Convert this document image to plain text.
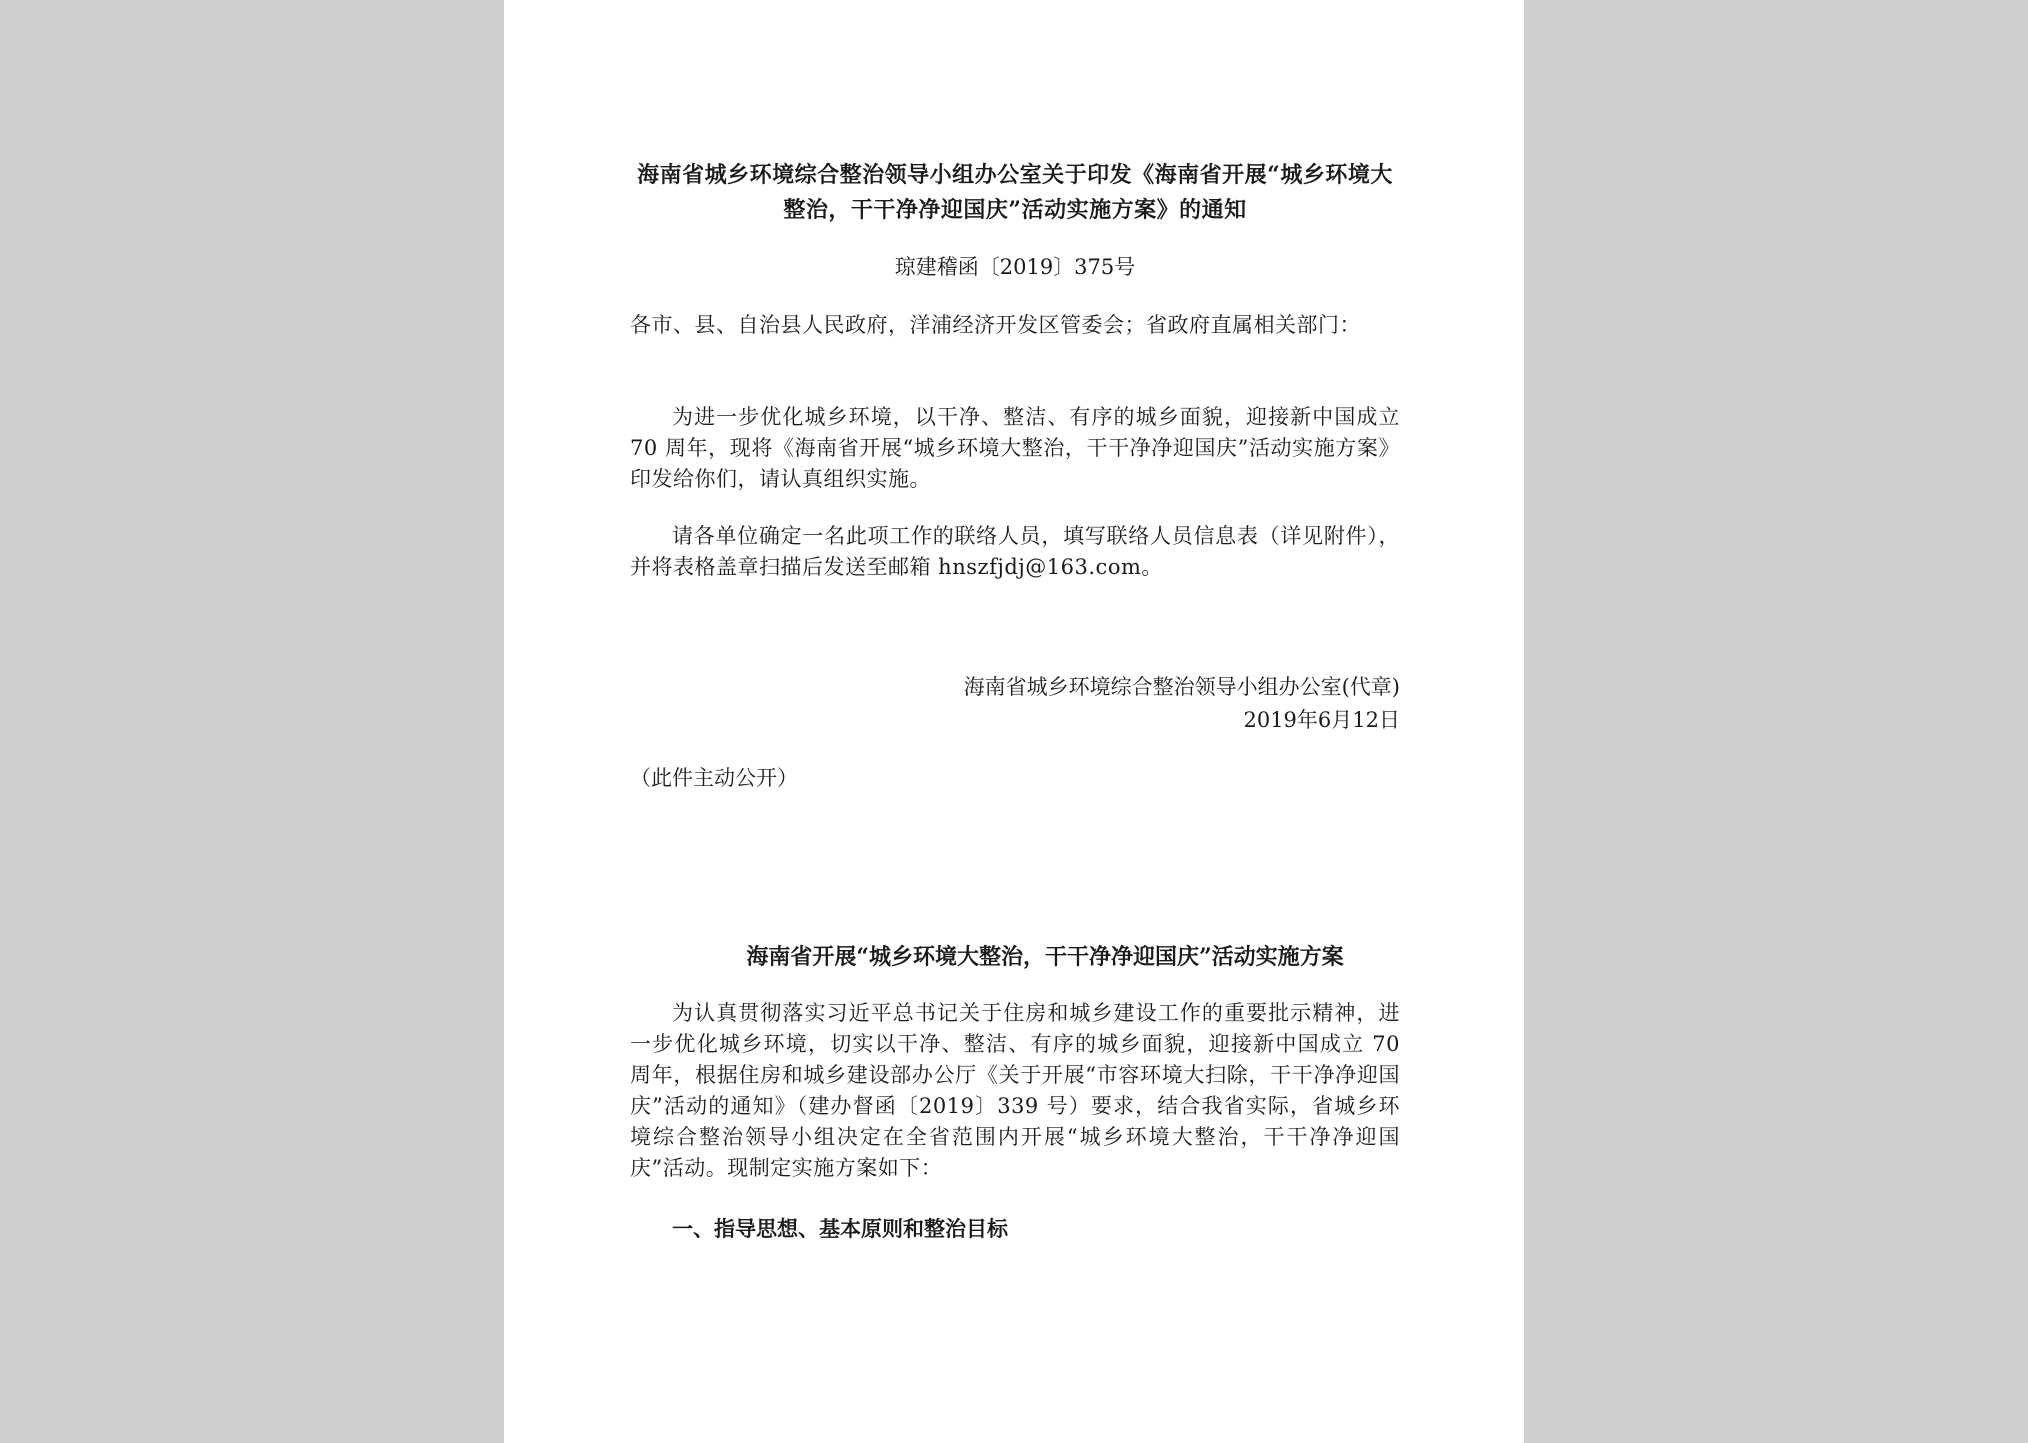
海南省城乡环境综合整治领导小组办公室关于印发《海南省开展“城乡环境大整治，干干净净迎国庆”活动实施方案》的通知
琼建稽函〔2019〕375号
各市、县、自治县人民政府，洋浦经济开发区管委会；省政府直属相关部门：
为进一步优化城乡环境，以干净、整洁、有序的城乡面貌，迎接新中国成立 70 周年，现将《海南省开展“城乡环境大整治，干干净净迎国庆”活动实施方案》印发给你们，请认真组织实施。
请各单位确定一名此项工作的联络人员，填写联络人员信息表（详见附件），并将表格盖章扫描后发送至邮箱 hnszfjdj@163.com。
海南省城乡环境综合整治领导小组办公室(代章)
2019年6月12日
（此件主动公开）
海南省开展“城乡环境大整治，干干净净迎国庆”活动实施方案
为认真贯彻落实习近平总书记关于住房和城乡建设工作的重要批示精神，进一步优化城乡环境，切实以干净、整洁、有序的城乡面貌，迎接新中国成立 70 周年，根据住房和城乡建设部办公厅《关于开展“市容环境大扫除，干干净净迎国庆”活动的通知》（建办督函〔2019〕339 号）要求，结合我省实际，省城乡环境综合整治领导小组决定在全省范围内开展“城乡环境大整治，干干净净迎国庆”活动。现制定实施方案如下：
一、指导思想、基本原则和整治目标
